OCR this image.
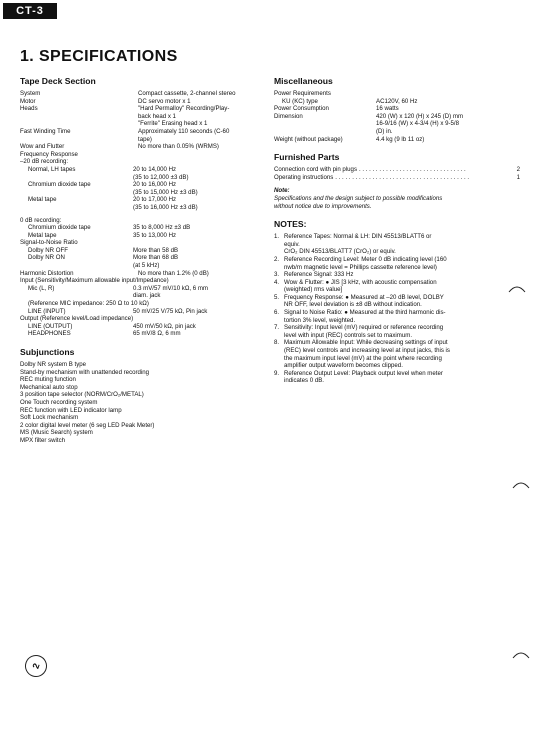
CT-3
1. SPECIFICATIONS
Tape Deck Section
System	Compact cassette, 2-channel stereo
Motor	DC servo motor x 1
Heads	"Hard Permalloy" Recording/Play-
back head x 1
"Ferrite" Erasing head x 1
Fast Winding Time	Approximately 110 seconds (C-60
tape)
Wow and Flutter	No more than 0.05% (WRMS)
Frequency Response
–20 dB recording:
Normal, LH tapes	20 to 14,000 Hz
(35 to 12,000 ±3 dB)
Chromium dioxide tape	20 to 16,000 Hz
(35 to 15,000 Hz ±3 dB)
Metal tape	20 to 17,000 Hz
(35 to 16,000 Hz ±3 dB)
0 dB recording:
Chromium dioxide tape	35 to 8,000 Hz ±3 dB
Metal tape	35 to 13,000 Hz
Signal-to-Noise Ratio
Dolby NR OFF	More than 58 dB
Dolby NR ON	More than 68 dB
(at 5 kHz)
Harmonic Distortion	No more than 1.2% (0 dB)
Input (Sensitivity/Maximum allowable input/Impedance)
Mic (L, R)	0.3 mV/57 mV/10 kΩ, 6 mm
diam. jack
(Reference MIC impedance: 250 Ω to 10 kΩ)
LINE (INPUT)	50 mV/25 V/75 kΩ, Pin jack
Output (Reference level/Load impedance)
LINE (OUTPUT)	450 mV/50 kΩ, pin jack
HEADPHONES	65 mV/8 Ω, 6 mm
Subjunctions
Dolby NR system B type
Stand-by mechanism with unattended recording
REC muting function
Mechanical auto stop
3 position tape selector (NORM/CrO₂/METAL)
One Touch recording system
REC function with LED indicator lamp
Soft Lock mechanism
2 color digital level meter (6 seg LED Peak Meter)
MS (Music Search) system
MPX filter switch
Miscellaneous
Power Requirements
KU (KC) type	AC120V, 60 Hz
Power Consumption	16 watts
Dimension	420 (W) x 120 (H) x 245 (D) mm
16-9/16 (W) x 4-3/4 (H) x 9-5/8
(D) in.
Weight (without package)	4.4 kg (9 lb 11 oz)
Furnished Parts
Connection cord with pin plugs . . . . . . . . . . . . . . . . . . . . . . . . . . . . . . . .	2
Operating instructions . . . . . . . . . . . . . . . . . . . . . . . . . . . . . . . . . . . . . . . .	1
Note:
Specifications and the design subject to possible modifications
without notice due to improvements.
NOTES:
1. Reference Tapes: Normal & LH: DIN 45513/BLATT6 or
equiv.
CrO₂ DIN 45513/BLATT7 (CrO₂) or equiv.
2. Reference Recording Level: Meter 0 dB indicating level (160
nwb/m magnetic level = Phillips cassette reference level)
3. Reference Signal: 333 Hz
4. Wow & Flutter: ● JIS [3 kHz, with acoustic compensation
(weighted) rms value]
5. Frequency Response: ● Measured at –20 dB level, DOLBY
NR OFF, level deviation is ±8 dB without indication.
6. Signal to Noise Ratio: ● Measured at the third harmonic dis-
tortion 3% level, weighted.
7. Sensitivity: Input level (mV) required or reference recording
level with input (REC) controls set to maximum.
8. Maximum Allowable Input: While decreasing settings of input
(REC) level controls and increasing level at input jacks, this is
the maximum input level (mV) at the point where recording
amplifier output waveform becomes clipped.
9. Reference Output Level: Playback output level when meter
indicates 0 dB.
2
